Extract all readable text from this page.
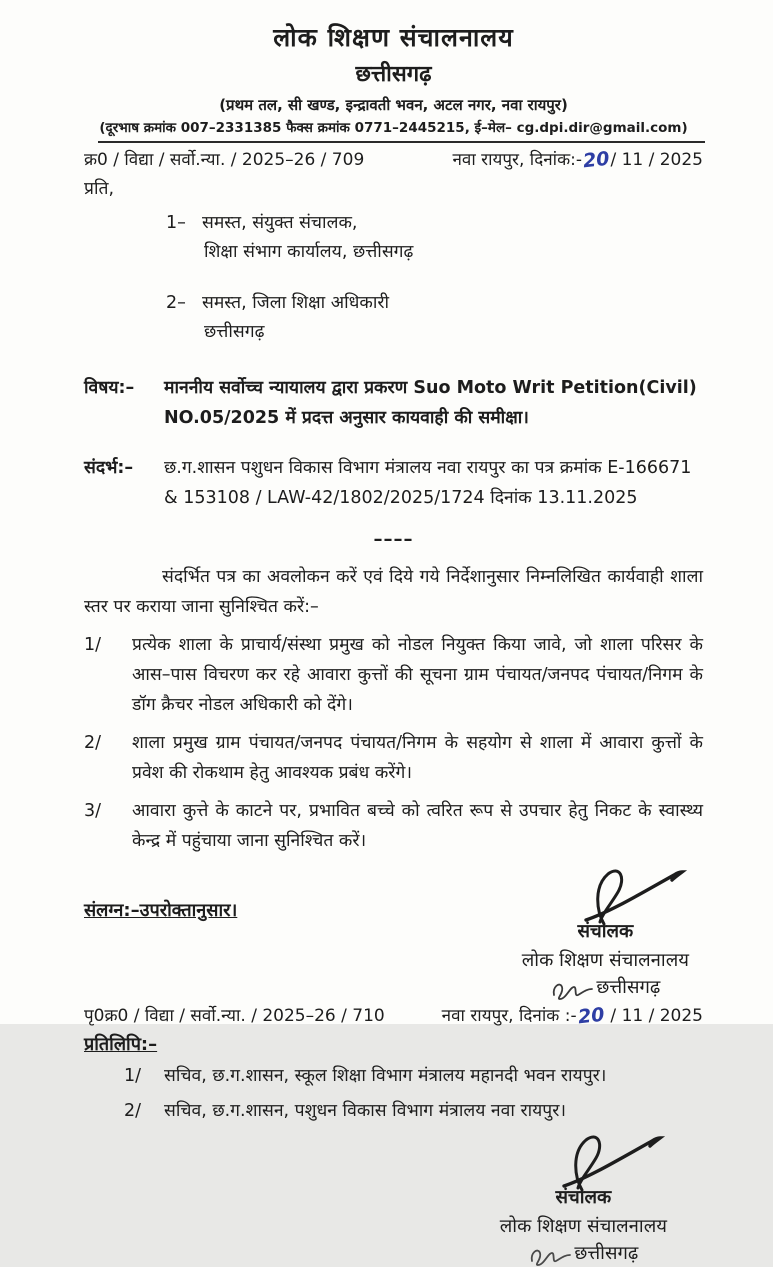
लोक शिक्षण संचालनालय
छत्तीसगढ़
(प्रथम तल, सी खण्ड, इन्द्रावती भवन, अटल नगर, नवा रायपुर)
(दूरभाष क्रमांक 007–2331385 फैक्स क्रमांक 0771–2445215, ई–मेल– cg.dpi.dir@gmail.com)
क्र0 / विद्या / सर्वो.न्या. / 2025–26 / 709	नवा रायपुर, दिनांक:-20/ 11 / 2025
प्रति,
1– समस्त, संयुक्त संचालक,
शिक्षा संभाग कार्यालय, छत्तीसगढ़
2– समस्त, जिला शिक्षा अधिकारी
छत्तीसगढ़
विषय:–	माननीय सर्वोच्च न्यायालय द्वारा प्रकरण Suo Moto Writ Petition(Civil) NO.05/2025 में प्रदत्त अनुसार कायवाही की समीक्षा।
संदर्भ:–	छ.ग.शासन पशुधन विकास विभाग मंत्रालय नवा रायपुर का पत्र क्रमांक E-166671 & 153108 / LAW-42/1802/2025/1724 दिनांक 13.11.2025
––––
संदर्भित पत्र का अवलोकन करें एवं दिये गये निर्देशानुसार निम्नलिखित कार्यवाही शाला स्तर पर कराया जाना सुनिश्चित करें:–
1/	प्रत्येक शाला के प्राचार्य/संस्था प्रमुख को नोडल नियुक्त किया जावे, जो शाला परिसर के आस–पास विचरण कर रहे आवारा कुत्तों की सूचना ग्राम पंचायत/जनपद पंचायत/निगम के डॉग क्रैचर नोडल अधिकारी को देंगे।
2/	शाला प्रमुख ग्राम पंचायत/जनपद पंचायत/निगम के सहयोग से शाला में आवारा कुत्तों के प्रवेश की रोकथाम हेतु आवश्यक प्रबंध करेंगे।
3/	आवारा कुत्ते के काटने पर, प्रभावित बच्चे को त्वरित रूप से उपचार हेतु निकट के स्वास्थ्य केन्द्र में पहुंचाया जाना सुनिश्चित करें।
संलग्न:–उपरोक्तानुसार।
संचालक
लोक शिक्षण संचालनालय
छत्तीसगढ़
पृ0क्र0 / विद्या / सर्वो.न्या. / 2025–26 / 710	नवा रायपुर, दिनांक :-20 / 11 / 2025
प्रतिलिपि:–
1/	सचिव, छ.ग.शासन, स्कूल शिक्षा विभाग मंत्रालय महानदी भवन रायपुर।
2/	सचिव, छ.ग.शासन, पशुधन विकास विभाग मंत्रालय नवा रायपुर।
संचालक
लोक शिक्षण संचालनालय
छत्तीसगढ़
